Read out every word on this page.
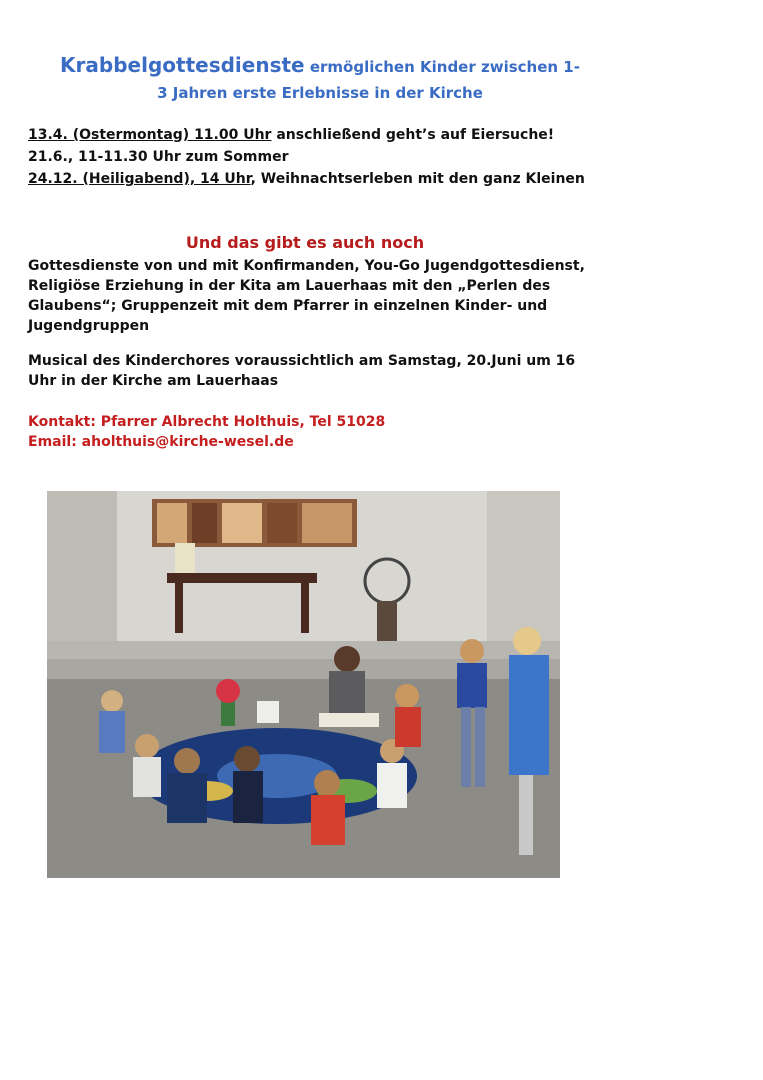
Krabbelgottesdienste ermöglichen Kinder zwischen 1-
3 Jahren erste Erlebnisse in der Kirche
13.4. (Ostermontag) 11.00 Uhr anschließend geht’s auf Eiersuche!
21.6., 11-11.30 Uhr zum Sommer
24.12. (Heiligabend), 14 Uhr, Weihnachtserleben mit den ganz Kleinen
Und das gibt es auch noch
Gottesdienste von und mit Konfirmanden, You-Go Jugendgottesdienst,
Religiöse Erziehung in der Kita am Lauerhaas mit den „Perlen des
Glaubens“; Gruppenzeit mit dem Pfarrer in einzelnen Kinder- und
Jugendgruppen
Musical des Kinderchores voraussichtlich am Samstag, 20.Juni um 16
Uhr in der Kirche am Lauerhaas
Kontakt: Pfarrer Albrecht Holthuis, Tel 51028
Email: aholthuis@kirche-wesel.de
